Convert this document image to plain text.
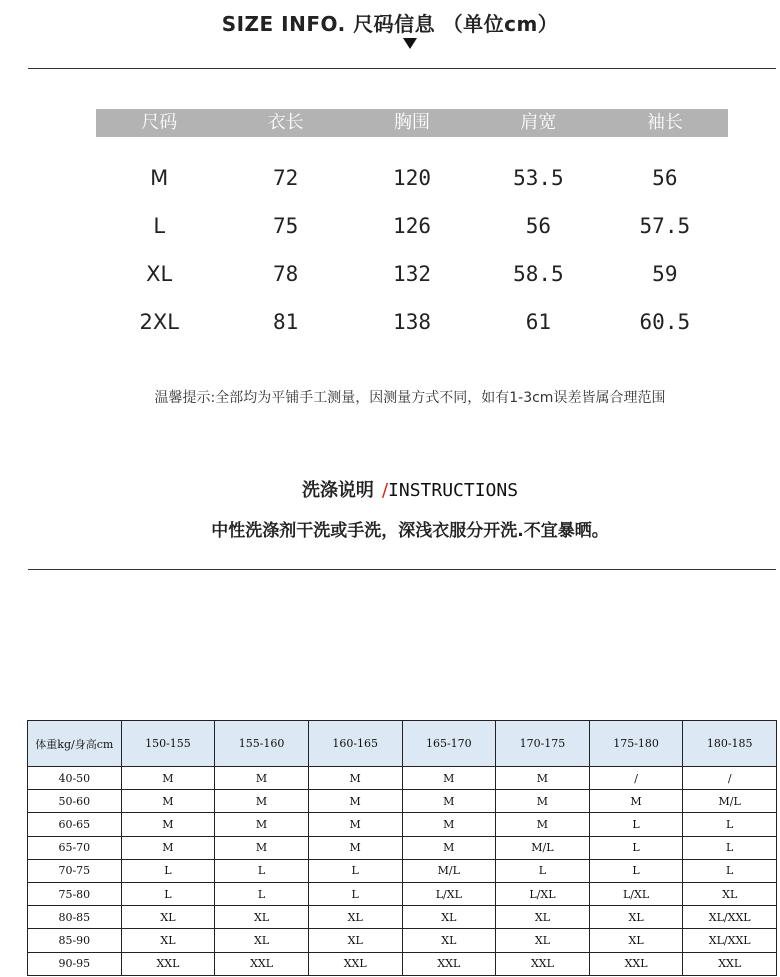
SIZE INFO. 尺码信息 （单位cm）
尺码	衣长	胸围	肩宽	袖长
M	72	120	53.5	56
L	75	126	56	57.5
XL	78	132	58.5	59
2XL	81	138	61	60.5
温馨提示:全部均为平铺手工测量，因测量方式不同，如有1-3cm误差皆属合理范围
洗涤说明 /INSTRUCTIONS
中性洗涤剂干洗或手洗，深浅衣服分开洗.不宜暴晒。
体重kg/身高cm	150-155	155-160	160-165	165-170	170-175	175-180	180-185
40-50	M	M	M	M	M	/	/
50-60	M	M	M	M	M	M	M/L
60-65	M	M	M	M	M	L	L
65-70	M	M	M	M	M/L	L	L
70-75	L	L	L	M/L	L	L	L
75-80	L	L	L	L/XL	L/XL	L/XL	XL
80-85	XL	XL	XL	XL	XL	XL	XL/XXL
85-90	XL	XL	XL	XL	XL	XL	XL/XXL
90-95	XXL	XXL	XXL	XXL	XXL	XXL	XXL
